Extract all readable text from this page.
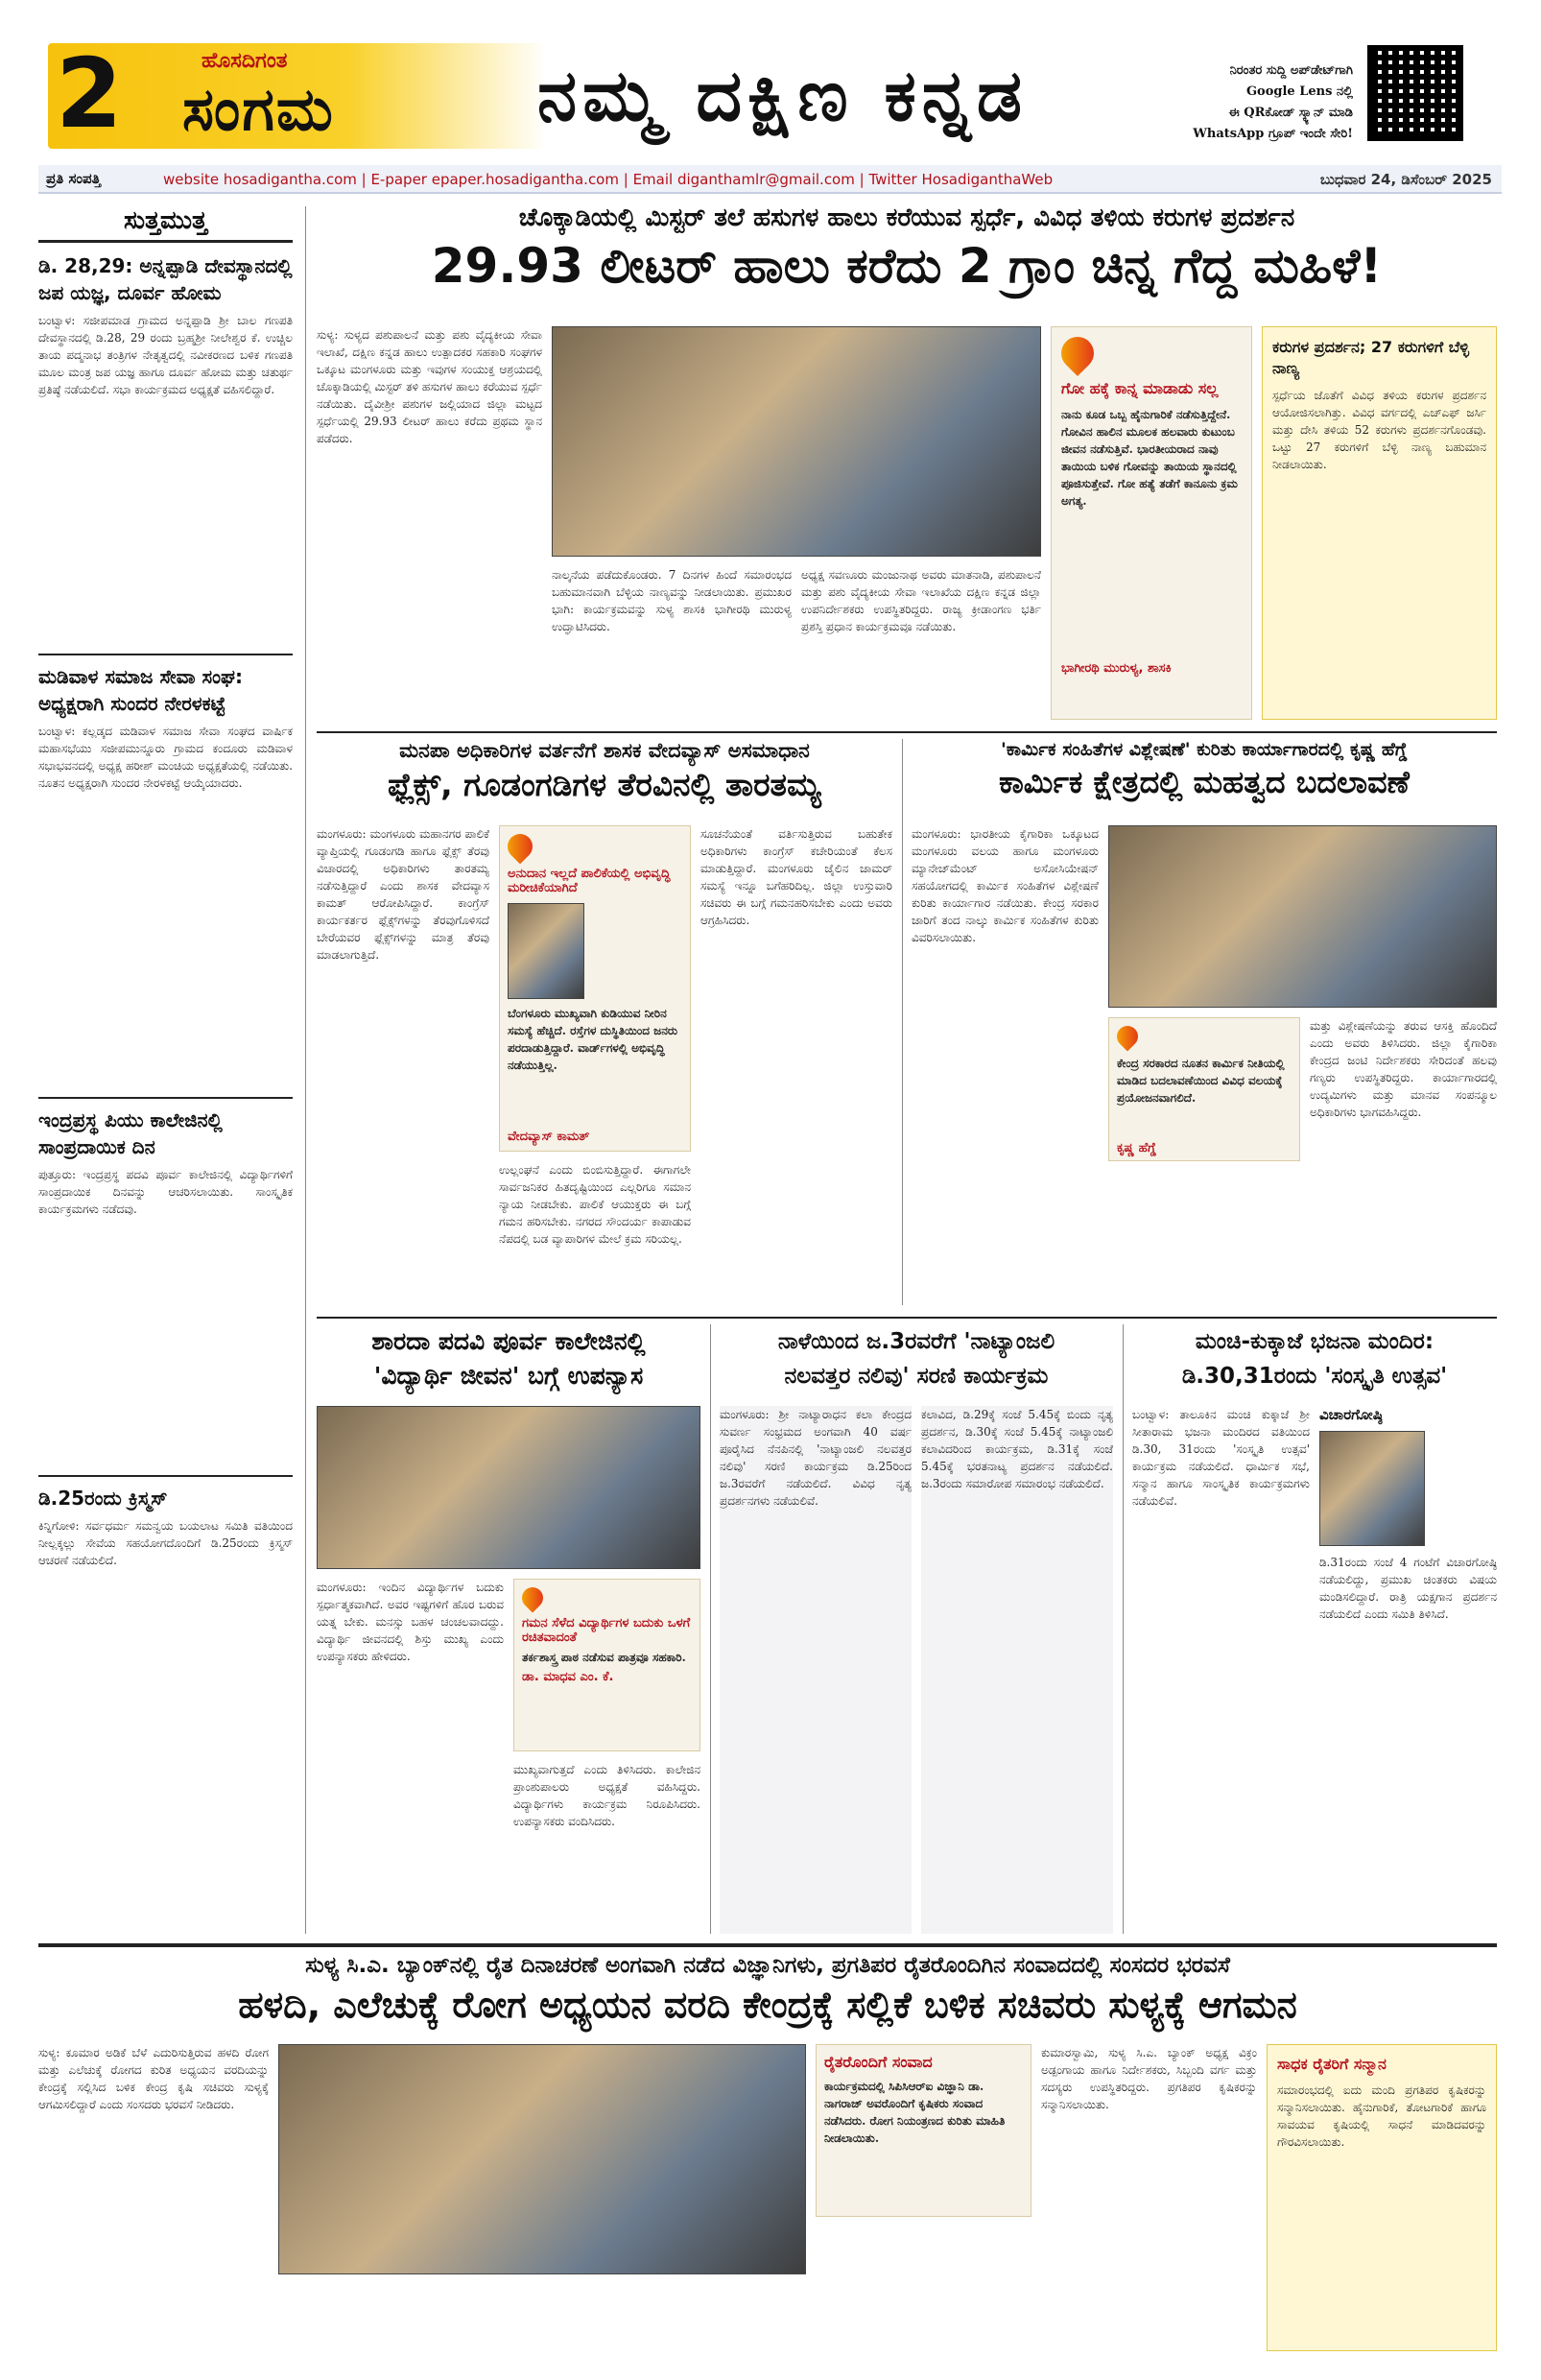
2	ಹೊಸದಿಗಂತ
ಸಂಗಮ	ನಮ್ಮ ದಕ್ಷಿಣ ಕನ್ನಡ	ನಿರಂತರ ಸುದ್ದಿ ಅಪ್‌ಡೇಟ್‌ಗಾಗಿ
Google Lens ನಲ್ಲಿ
ಈ QRಕೋಡ್ ಸ್ಕ್ಯಾನ್ ಮಾಡಿ
WhatsApp ಗ್ರೂಪ್ ಇಂದೇ ಸೇರಿ!
ಪ್ರತಿ ಸಂಪತ್ತಿ	website hosadigantha.com | E-paper epaper.hosadigantha.com | Email diganthamlr@gmail.com | Twitter HosadiganthaWeb	ಬುಧವಾರ 24, ಡಿಸೆಂಬರ್ 2025
ಸುತ್ತಮುತ್ತ
ಡಿ. 28,29: ಅನ್ನಪ್ಪಾಡಿ ದೇವಸ್ಥಾನದಲ್ಲಿ ಜಪ ಯಜ್ಞ, ದೂರ್ವ ಹೋಮ
ಬಂಟ್ವಾಳ: ಸಜೀಪಮಾಡ ಗ್ರಾಮದ ಅನ್ನಪ್ಪಾಡಿ ಶ್ರೀ ಬಾಲ ಗಣಪತಿ ದೇವಸ್ಥಾನದಲ್ಲಿ ಡಿ.28, 29 ರಂದು ಬ್ರಹ್ಮಶ್ರೀ ನೀಲೇಶ್ವರ ಕೆ. ಉಚ್ಚಿಲ ತಾಯ ಪದ್ಮನಾಭ ತಂತ್ರಿಗಳ ನೇತೃತ್ವದಲ್ಲಿ ನವೀಕರಣದ ಬಳಿಕ ಗಣಪತಿ ಮೂಲ ಮಂತ್ರ ಜಪ ಯಜ್ಞ ಹಾಗೂ ದೂರ್ವ ಹೋಮ ಮತ್ತು ಚತುರ್ಥ ಪ್ರತಿಷ್ಠೆ ನಡೆಯಲಿದೆ. ಸಭಾ ಕಾರ್ಯಕ್ರಮದ ಅಧ್ಯಕ್ಷತೆ ವಹಿಸಲಿದ್ದಾರೆ.
ಮಡಿವಾಳ ಸಮಾಜ ಸೇವಾ ಸಂಘ: ಅಧ್ಯಕ್ಷರಾಗಿ ಸುಂದರ ನೇರಳಕಟ್ಟೆ
ಬಂಟ್ವಾಳ: ಕಲ್ಲಡ್ಕದ ಮಡಿವಾಳ ಸಮಾಜ ಸೇವಾ ಸಂಘದ ವಾರ್ಷಿಕ ಮಹಾಸಭೆಯು ಸಜೀಪಮುನ್ನೂರು ಗ್ರಾಮದ ಕಂದೂರು ಮಡಿವಾಳ ಸಭಾಭವನದಲ್ಲಿ ಅಧ್ಯಕ್ಷ ಹರೀಶ್ ಮಂಚಿಯ ಅಧ್ಯಕ್ಷತೆಯಲ್ಲಿ ನಡೆಯಿತು. ನೂತನ ಅಧ್ಯಕ್ಷರಾಗಿ ಸುಂದರ ನೇರಳಕಟ್ಟೆ ಆಯ್ಕೆಯಾದರು.
ಇಂದ್ರಪ್ರಸ್ಥ ಪಿಯು ಕಾಲೇಜಿನಲ್ಲಿ ಸಾಂಪ್ರದಾಯಿಕ ದಿನ
ಪುತ್ತೂರು: ಇಂದ್ರಪ್ರಸ್ಥ ಪದವಿ ಪೂರ್ವ ಕಾಲೇಜಿನಲ್ಲಿ ವಿದ್ಯಾರ್ಥಿಗಳಿಗೆ ಸಾಂಪ್ರದಾಯಿಕ ದಿನವನ್ನು ಆಚರಿಸಲಾಯಿತು. ಸಾಂಸ್ಕೃತಿಕ ಕಾರ್ಯಕ್ರಮಗಳು ನಡೆದವು.
ಡಿ.25ರಂದು ಕ್ರಿಸ್ಮಸ್
ಕಿನ್ನಿಗೋಳಿ: ಸರ್ವಧರ್ಮ ಸಮನ್ವಯ ಬಯಲಾಟ ಸಮಿತಿ ವತಿಯಿಂದ ನೀಲ್ಲಕ್ಕಲ್ಲು ಸೇವೆಯ ಸಹಯೋಗದೊಂದಿಗೆ ಡಿ.25ರಂದು ಕ್ರಿಸ್ಮಸ್ ಆಚರಣೆ ನಡೆಯಲಿದೆ.
ಚೊಕ್ಕಾಡಿಯಲ್ಲಿ ಮಿಸ್ಟರ್ ತಲೆ ಹಸುಗಳ ಹಾಲು ಕರೆಯುವ ಸ್ಪರ್ಧೆ, ವಿವಿಧ ತಳಿಯ ಕರುಗಳ ಪ್ರದರ್ಶನ
29.93 ಲೀಟರ್ ಹಾಲು ಕರೆದು 2 ಗ್ರಾಂ ಚಿನ್ನ ಗೆದ್ದ ಮಹಿಳೆ!
ಸುಳ್ಯ: ಸುಳ್ಯದ ಪಶುಪಾಲನೆ ಮತ್ತು ಪಶು ವೈದ್ಯಕೀಯ ಸೇವಾ ಇಲಾಖೆ, ದಕ್ಷಿಣ ಕನ್ನಡ ಹಾಲು ಉತ್ಪಾದಕರ ಸಹಕಾರಿ ಸಂಘಗಳ ಒಕ್ಕೂಟ ಮಂಗಳೂರು ಮತ್ತು ಇವುಗಳ ಸಂಯುಕ್ತ ಆಶ್ರಯದಲ್ಲಿ ಚೊಕ್ಕಾಡಿಯಲ್ಲಿ ಮಿಸ್ಟರ್ ತಳಿ ಹಸುಗಳ ಹಾಲು ಕರೆಯುವ ಸ್ಪರ್ಧೆ ನಡೆಯಿತು. ದೈವೀಶ್ರೀ ಪಶುಗಳ ಜಲ್ಲಿಯಾದ ಜಿಲ್ಲಾ ಮಟ್ಟದ ಸ್ಪರ್ಧೆಯಲ್ಲಿ 29.93 ಲೀಟರ್ ಹಾಲು ಕರೆದು ಪ್ರಥಮ ಸ್ಥಾನ ಪಡೆದರು.
ನಾಲ್ಕನೆಯ ಪಡೆದುಕೊಂಡರು. 7 ದಿನಗಳ ಹಿಂದೆ ಸಮಾರಂಭದ ಬಹುಮಾನವಾಗಿ ಬೆಳ್ಳಿಯ ನಾಣ್ಯವನ್ನು ನೀಡಲಾಯಿತು. ಪ್ರಮುಖರ ಭಾಗಿ: ಕಾರ್ಯಕ್ರಮವನ್ನು ಸುಳ್ಯ ಶಾಸಕಿ ಭಾಗೀರಥಿ ಮುರುಳ್ಯ ಉದ್ಘಾಟಿಸಿದರು.
ಅಧ್ಯಕ್ಷ ಸವಣೂರು ಮಂಜುನಾಥ ಅವರು ಮಾತನಾಡಿ, ಪಶುಪಾಲನೆ ಮತ್ತು ಪಶು ವೈದ್ಯಕೀಯ ಸೇವಾ ಇಲಾಖೆಯ ದಕ್ಷಿಣ ಕನ್ನಡ ಜಿಲ್ಲಾ ಉಪನಿರ್ದೇಶಕರು ಉಪಸ್ಥಿತರಿದ್ದರು. ರಾಜ್ಯ ಕ್ರೀಡಾಂಗಣ ಭರ್ತಿ ಪ್ರಶಸ್ತಿ ಪ್ರಧಾನ ಕಾರ್ಯಕ್ರಮವೂ ನಡೆಯಿತು.
ಗೋ ಹಕ್ಕೆ ಕಾನ್ನ ಮಾಡಾಡು ಸಲ್ಲ
ನಾನು ಕೂಡ ಒಬ್ಬ ಹೈನುಗಾರಿಕೆ ನಡೆಸುತ್ತಿದ್ದೇನೆ. ಗೋವಿನ ಹಾಲಿನ ಮೂಲಕ ಹಲವಾರು ಕುಟುಂಬ ಜೀವನ ನಡೆಸುತ್ತಿವೆ. ಭಾರತೀಯರಾದ ನಾವು ತಾಯಿಯ ಬಳಿಕ ಗೋವನ್ನು ತಾಯಿಯ ಸ್ಥಾನದಲ್ಲಿ ಪೂಜಿಸುತ್ತೇವೆ. ಗೋ ಹತ್ಯೆ ತಡೆಗೆ ಕಾನೂನು ಕ್ರಮ ಅಗತ್ಯ.
ಭಾಗೀರಥಿ ಮುರುಳ್ಯ, ಶಾಸಕಿ
ಕರುಗಳ ಪ್ರದರ್ಶನ; 27 ಕರುಗಳಿಗೆ ಬೆಳ್ಳಿ ನಾಣ್ಯ
ಸ್ಪರ್ಧೆಯ ಜೊತೆಗೆ ವಿವಿಧ ತಳಿಯ ಕರುಗಳ ಪ್ರದರ್ಶನ ಆಯೋಜಿಸಲಾಗಿತ್ತು. ವಿವಿಧ ವರ್ಗದಲ್ಲಿ ಎಚ್‌ಎಫ್ ಜರ್ಸಿ ಮತ್ತು ದೇಸಿ ತಳಿಯ 52 ಕರುಗಳು ಪ್ರದರ್ಶನಗೊಂಡವು. ಒಟ್ಟು 27 ಕರುಗಳಿಗೆ ಬೆಳ್ಳಿ ನಾಣ್ಯ ಬಹುಮಾನ ನೀಡಲಾಯಿತು.
ಮನಪಾ ಅಧಿಕಾರಿಗಳ ವರ್ತನೆಗೆ ಶಾಸಕ ವೇದವ್ಯಾಸ್ ಅಸಮಾಧಾನ
ಫ್ಲೆಕ್ಸ್, ಗೂಡಂಗಡಿಗಳ ತೆರವಿನಲ್ಲಿ ತಾರತಮ್ಯ
ಮಂಗಳೂರು: ಮಂಗಳೂರು ಮಹಾನಗರ ಪಾಲಿಕೆ ವ್ಯಾಪ್ತಿಯಲ್ಲಿ ಗೂಡಂಗಡಿ ಹಾಗೂ ಫ್ಲೆಕ್ಸ್ ತೆರವು ವಿಚಾರದಲ್ಲಿ ಅಧಿಕಾರಿಗಳು ತಾರತಮ್ಯ ನಡೆಸುತ್ತಿದ್ದಾರೆ ಎಂದು ಶಾಸಕ ವೇದವ್ಯಾಸ ಕಾಮತ್ ಆರೋಪಿಸಿದ್ದಾರೆ. ಕಾಂಗ್ರೆಸ್ ಕಾರ್ಯಕರ್ತರ ಫ್ಲೆಕ್ಸ್‌ಗಳನ್ನು ತೆರವುಗೊಳಿಸದೆ ಬೇರೆಯವರ ಫ್ಲೆಕ್ಸ್‌ಗಳನ್ನು ಮಾತ್ರ ತೆರವು ಮಾಡಲಾಗುತ್ತಿದೆ.
ಅನುದಾನ ಇಲ್ಲದೆ ಪಾಲಿಕೆಯಲ್ಲಿ ಅಭಿವೃದ್ಧಿ ಮರೀಚಿಕೆಯಾಗಿದೆ
ಬೆಂಗಳೂರು ಮುಖ್ಯವಾಗಿ ಕುಡಿಯುವ ನೀರಿನ ಸಮಸ್ಯೆ ಹೆಚ್ಚಿದೆ. ರಸ್ತೆಗಳ ದುಸ್ಥಿತಿಯಿಂದ ಜನರು ಪರದಾಡುತ್ತಿದ್ದಾರೆ. ವಾರ್ಡ್‌ಗಳಲ್ಲಿ ಅಭಿವೃದ್ಧಿ ನಡೆಯುತ್ತಿಲ್ಲ.
ವೇದವ್ಯಾಸ್ ಕಾಮತ್
ಉಲ್ಲಂಘನೆ ಎಂದು ಬಿಂಬಿಸುತ್ತಿದ್ದಾರೆ. ಈಗಾಗಲೇ ಸಾರ್ವಜನಿಕರ ಹಿತದೃಷ್ಟಿಯಿಂದ ಎಲ್ಲರಿಗೂ ಸಮಾನ ನ್ಯಾಯ ನೀಡಬೇಕು. ಪಾಲಿಕೆ ಆಯುಕ್ತರು ಈ ಬಗ್ಗೆ ಗಮನ ಹರಿಸಬೇಕು. ನಗರದ ಸೌಂದರ್ಯ ಕಾಪಾಡುವ ನೆಪದಲ್ಲಿ ಬಡ ವ್ಯಾಪಾರಿಗಳ ಮೇಲೆ ಕ್ರಮ ಸರಿಯಲ್ಲ.
ಸೂಚನೆಯಂತೆ ವರ್ತಿಸುತ್ತಿರುವ ಬಹುತೇಕ ಅಧಿಕಾರಿಗಳು ಕಾಂಗ್ರೆಸ್ ಕಚೇರಿಯಂತೆ ಕೆಲಸ ಮಾಡುತ್ತಿದ್ದಾರೆ. ಮಂಗಳೂರು ಜೈಲಿನ ಜಾಮರ್ ಸಮಸ್ಯೆ ಇನ್ನೂ ಬಗೆಹರಿದಿಲ್ಲ. ಜಿಲ್ಲಾ ಉಸ್ತುವಾರಿ ಸಚಿವರು ಈ ಬಗ್ಗೆ ಗಮನಹರಿಸಬೇಕು ಎಂದು ಅವರು ಆಗ್ರಹಿಸಿದರು.
'ಕಾರ್ಮಿಕ ಸಂಹಿತೆಗಳ ವಿಶ್ಲೇಷಣೆ' ಕುರಿತು ಕಾರ್ಯಾಗಾರದಲ್ಲಿ ಕೃಷ್ಣ ಹೆಗ್ಡೆ
ಕಾರ್ಮಿಕ ಕ್ಷೇತ್ರದಲ್ಲಿ ಮಹತ್ವದ ಬದಲಾವಣೆ
ಮಂಗಳೂರು: ಭಾರತೀಯ ಕೈಗಾರಿಕಾ ಒಕ್ಕೂಟದ ಮಂಗಳೂರು ವಲಯ ಹಾಗೂ ಮಂಗಳೂರು ಮ್ಯಾನೇಜ್‌ಮೆಂಟ್ ಅಸೋಸಿಯೇಷನ್ ಸಹಯೋಗದಲ್ಲಿ ಕಾರ್ಮಿಕ ಸಂಹಿತೆಗಳ ವಿಶ್ಲೇಷಣೆ ಕುರಿತು ಕಾರ್ಯಾಗಾರ ನಡೆಯಿತು. ಕೇಂದ್ರ ಸರಕಾರ ಜಾರಿಗೆ ತಂದ ನಾಲ್ಕು ಕಾರ್ಮಿಕ ಸಂಹಿತೆಗಳ ಕುರಿತು ವಿವರಿಸಲಾಯಿತು.
ಕೇಂದ್ರ ಸರಕಾರದ ನೂತನ ಕಾರ್ಮಿಕ ನೀತಿಯಲ್ಲಿ ಮಾಡಿದ ಬದಲಾವಣೆಯಿಂದ ವಿವಿಧ ವಲಯಕ್ಕೆ ಪ್ರಯೋಜನವಾಗಲಿದೆ.
ಕೃಷ್ಣ ಹೆಗ್ಡೆ
ಮತ್ತು ವಿಶ್ಲೇಷಣೆಯನ್ನು ತರುವ ಆಸಕ್ತಿ ಹೊಂದಿದೆ ಎಂದು ಅವರು ತಿಳಿಸಿದರು. ಜಿಲ್ಲಾ ಕೈಗಾರಿಕಾ ಕೇಂದ್ರದ ಜಂಟಿ ನಿರ್ದೇಶಕರು ಸೇರಿದಂತೆ ಹಲವು ಗಣ್ಯರು ಉಪಸ್ಥಿತರಿದ್ದರು. ಕಾರ್ಯಾಗಾರದಲ್ಲಿ ಉದ್ಯಮಿಗಳು ಮತ್ತು ಮಾನವ ಸಂಪನ್ಮೂಲ ಅಧಿಕಾರಿಗಳು ಭಾಗವಹಿಸಿದ್ದರು.
ಶಾರದಾ ಪದವಿ ಪೂರ್ವ ಕಾಲೇಜಿನಲ್ಲಿ
'ವಿದ್ಯಾರ್ಥಿ ಜೀವನ' ಬಗ್ಗೆ ಉಪನ್ಯಾಸ
ಮಂಗಳೂರು: ಇಂದಿನ ವಿದ್ಯಾರ್ಥಿಗಳ ಬದುಕು ಸ್ಪರ್ಧಾತ್ಮಕವಾಗಿದೆ. ಅವರ ಇಷ್ಟಗಳಿಗೆ ಹೊರ ಬರುವ ಯತ್ನ ಬೇಕು. ಮನಸ್ಸು ಬಹಳ ಚಂಚಲವಾದದ್ದು. ವಿದ್ಯಾರ್ಥಿ ಜೀವನದಲ್ಲಿ ಶಿಸ್ತು ಮುಖ್ಯ ಎಂದು ಉಪನ್ಯಾಸಕರು ಹೇಳಿದರು.
ಗಮನ ಸೆಳೆದ ವಿದ್ಯಾರ್ಥಿಗಳ ಬದುಕು ಒಳಗೆ ರಚಿತವಾದಂತೆ
ತರ್ಕಶಾಸ್ತ್ರ ಪಾಠ ನಡೆಸುವ ಪಾತ್ರವೂ ಸಹಕಾರಿ.
ಡಾ. ಮಾಧವ ಎಂ. ಕೆ.
ಮುಖ್ಯವಾಗುತ್ತದೆ ಎಂದು ತಿಳಿಸಿದರು. ಕಾಲೇಜಿನ ಪ್ರಾಂಶುಪಾಲರು ಅಧ್ಯಕ್ಷತೆ ವಹಿಸಿದ್ದರು. ವಿದ್ಯಾರ್ಥಿಗಳು ಕಾರ್ಯಕ್ರಮ ನಿರೂಪಿಸಿದರು. ಉಪನ್ಯಾಸಕರು ವಂದಿಸಿದರು.
ನಾಳೆಯಿಂದ ಜ.3ರವರೆಗೆ 'ನಾಟ್ಯಾಂಜಲಿ
ನಲವತ್ತರ ನಲಿವು' ಸರಣಿ ಕಾರ್ಯಕ್ರಮ
ಮಂಗಳೂರು: ಶ್ರೀ ನಾಟ್ಯಾರಾಧನ ಕಲಾ ಕೇಂದ್ರದ ಸುವರ್ಣ ಸಂಭ್ರಮದ ಅಂಗವಾಗಿ 40 ವರ್ಷ ಪೂರೈಸಿದ ನೆನಪಿನಲ್ಲಿ 'ನಾಟ್ಯಾಂಜಲಿ ನಲವತ್ತರ ನಲಿವು' ಸರಣಿ ಕಾರ್ಯಕ್ರಮ ಡಿ.25ರಿಂದ ಜ.3ರವರೆಗೆ ನಡೆಯಲಿದೆ. ವಿವಿಧ ನೃತ್ಯ ಪ್ರದರ್ಶನಗಳು ನಡೆಯಲಿವೆ.
ಕಲಾವಿದ, ಡಿ.29ಕ್ಕೆ ಸಂಜೆ 5.45ಕ್ಕೆ ಬಿಂದು ನೃತ್ಯ ಪ್ರದರ್ಶನ, ಡಿ.30ಕ್ಕೆ ಸಂಜೆ 5.45ಕ್ಕೆ ನಾಟ್ಯಾಂಜಲಿ ಕಲಾವಿದರಿಂದ ಕಾರ್ಯಕ್ರಮ, ಡಿ.31ಕ್ಕೆ ಸಂಜೆ 5.45ಕ್ಕೆ ಭರತನಾಟ್ಯ ಪ್ರದರ್ಶನ ನಡೆಯಲಿದೆ. ಜ.3ರಂದು ಸಮಾರೋಪ ಸಮಾರಂಭ ನಡೆಯಲಿದೆ.
ಮಂಚಿ-ಕುಕ್ಕಾಜೆ ಭಜನಾ ಮಂದಿರ:
ಡಿ.30,31ರಂದು 'ಸಂಸ್ಕೃತಿ ಉತ್ಸವ'
ಬಂಟ್ವಾಳ: ತಾಲೂಕಿನ ಮಂಚಿ ಕುಕ್ಕಾಜೆ ಶ್ರೀ ಸೀತಾರಾಮ ಭಜನಾ ಮಂದಿರದ ವತಿಯಿಂದ ಡಿ.30, 31ರಂದು 'ಸಂಸ್ಕೃತಿ ಉತ್ಸವ' ಕಾರ್ಯಕ್ರಮ ನಡೆಯಲಿದೆ. ಧಾರ್ಮಿಕ ಸಭೆ, ಸನ್ಮಾನ ಹಾಗೂ ಸಾಂಸ್ಕೃತಿಕ ಕಾರ್ಯಕ್ರಮಗಳು ನಡೆಯಲಿವೆ.
ವಿಚಾರಗೋಷ್ಠಿ
ಡಿ.31ರಂದು ಸಂಜೆ 4 ಗಂಟೆಗೆ ವಿಚಾರಗೋಷ್ಠಿ ನಡೆಯಲಿದ್ದು, ಪ್ರಮುಖ ಚಿಂತಕರು ವಿಷಯ ಮಂಡಿಸಲಿದ್ದಾರೆ. ರಾತ್ರಿ ಯಕ್ಷಗಾನ ಪ್ರದರ್ಶನ ನಡೆಯಲಿದೆ ಎಂದು ಸಮಿತಿ ತಿಳಿಸಿದೆ.
ಸುಳ್ಯ ಸಿ.ಎ. ಬ್ಯಾಂಕ್‌ನಲ್ಲಿ ರೈತ ದಿನಾಚರಣೆ ಅಂಗವಾಗಿ ನಡೆದ ವಿಜ್ಞಾನಿಗಳು, ಪ್ರಗತಿಪರ ರೈತರೊಂದಿಗಿನ ಸಂವಾದದಲ್ಲಿ ಸಂಸದರ ಭರವಸೆ
ಹಳದಿ, ಎಲೆಚುಕ್ಕೆ ರೋಗ ಅಧ್ಯಯನ ವರದಿ ಕೇಂದ್ರಕ್ಕೆ ಸಲ್ಲಿಕೆ ಬಳಿಕ ಸಚಿವರು ಸುಳ್ಯಕ್ಕೆ ಆಗಮನ
ಸುಳ್ಯ: ಕೂಮಾರ ಅಡಿಕೆ ಬೆಳೆ ಎದುರಿಸುತ್ತಿರುವ ಹಳದಿ ರೋಗ ಮತ್ತು ಎಲೆಚುಕ್ಕೆ ರೋಗದ ಕುರಿತ ಅಧ್ಯಯನ ವರದಿಯನ್ನು ಕೇಂದ್ರಕ್ಕೆ ಸಲ್ಲಿಸಿದ ಬಳಿಕ ಕೇಂದ್ರ ಕೃಷಿ ಸಚಿವರು ಸುಳ್ಯಕ್ಕೆ ಆಗಮಿಸಲಿದ್ದಾರೆ ಎಂದು ಸಂಸದರು ಭರವಸೆ ನೀಡಿದರು.
ರೈತರೊಂದಿಗೆ ಸಂವಾದ
ಕಾರ್ಯಕ್ರಮದಲ್ಲಿ ಸಿಪಿಸಿಆರ್‌ಐ ವಿಜ್ಞಾನಿ ಡಾ. ನಾಗರಾಜ್ ಅವರೊಂದಿಗೆ ಕೃಷಿಕರು ಸಂವಾದ ನಡೆಸಿದರು. ರೋಗ ನಿಯಂತ್ರಣದ ಕುರಿತು ಮಾಹಿತಿ ನೀಡಲಾಯಿತು.
ಕುಮಾರಸ್ವಾಮಿ, ಸುಳ್ಯ ಸಿ.ಎ. ಬ್ಯಾಂಕ್ ಅಧ್ಯಕ್ಷ ವಿಕ್ರಂ ಅಡ್ಪಂಗಾಯ ಹಾಗೂ ನಿರ್ದೇಶಕರು, ಸಿಬ್ಬಂದಿ ವರ್ಗ ಮತ್ತು ಸದಸ್ಯರು ಉಪಸ್ಥಿತರಿದ್ದರು. ಪ್ರಗತಿಪರ ಕೃಷಿಕರನ್ನು ಸನ್ಮಾನಿಸಲಾಯಿತು.
ಸಾಧಕ ರೈತರಿಗೆ ಸನ್ಮಾನ
ಸಮಾರಂಭದಲ್ಲಿ ಐದು ಮಂದಿ ಪ್ರಗತಿಪರ ಕೃಷಿಕರನ್ನು ಸನ್ಮಾನಿಸಲಾಯಿತು. ಹೈನುಗಾರಿಕೆ, ತೋಟಗಾರಿಕೆ ಹಾಗೂ ಸಾವಯವ ಕೃಷಿಯಲ್ಲಿ ಸಾಧನೆ ಮಾಡಿದವರನ್ನು ಗೌರವಿಸಲಾಯಿತು.
